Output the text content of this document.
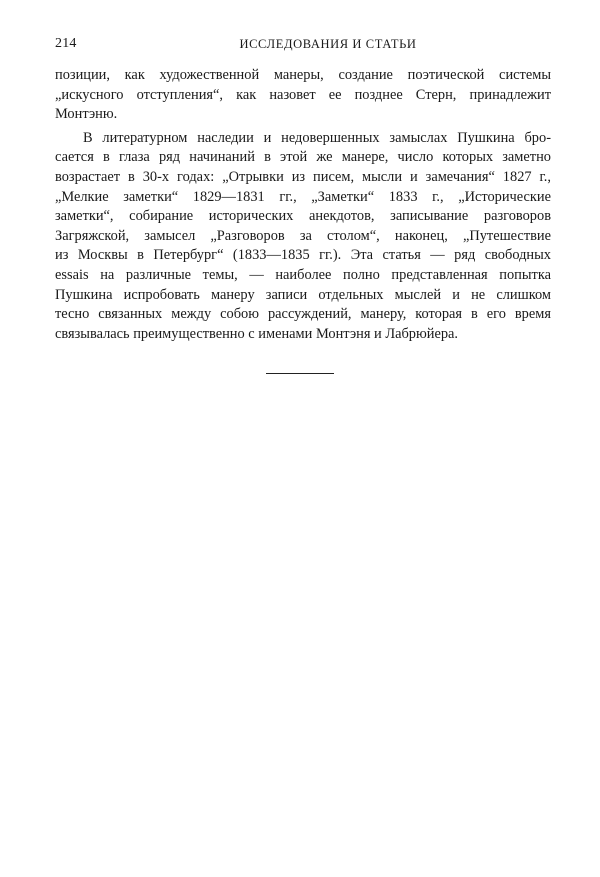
214	ИССЛЕДОВАНИЯ И СТАТЬИ
позиции, как художественной манеры, создание поэтической системы
„искусного отступления“, как назовет ее позднее Стерн, принадлежит
Монтэню.
В литературном наследии и недовершенных замыслах Пушкина бро-
сается в глаза ряд начинаний в этой же манере, число которых заметно
возрастает в 30-х годах: „Отрывки из писем, мысли и замечания“ 1827 г.,
„Мелкие заметки“ 1829—1831 гг., „Заметки“ 1833 г., „Исторические
заметки“, собирание исторических анекдотов, записывание разговоров
Загряжской, замысел „Разговоров за столом“, наконец, „Путешествие
из Москвы в Петербург“ (1833—1835 гг.). Эта статья — ряд свободных
essais на различные темы, — наиболее полно представленная попытка
Пушкина испробовать манеру записи отдельных мыслей и не слишком
тесно связанных между собою рассуждений, манеру, которая в его время
связывалась преимущественно с именами Монтэня и Лабрюйера.
